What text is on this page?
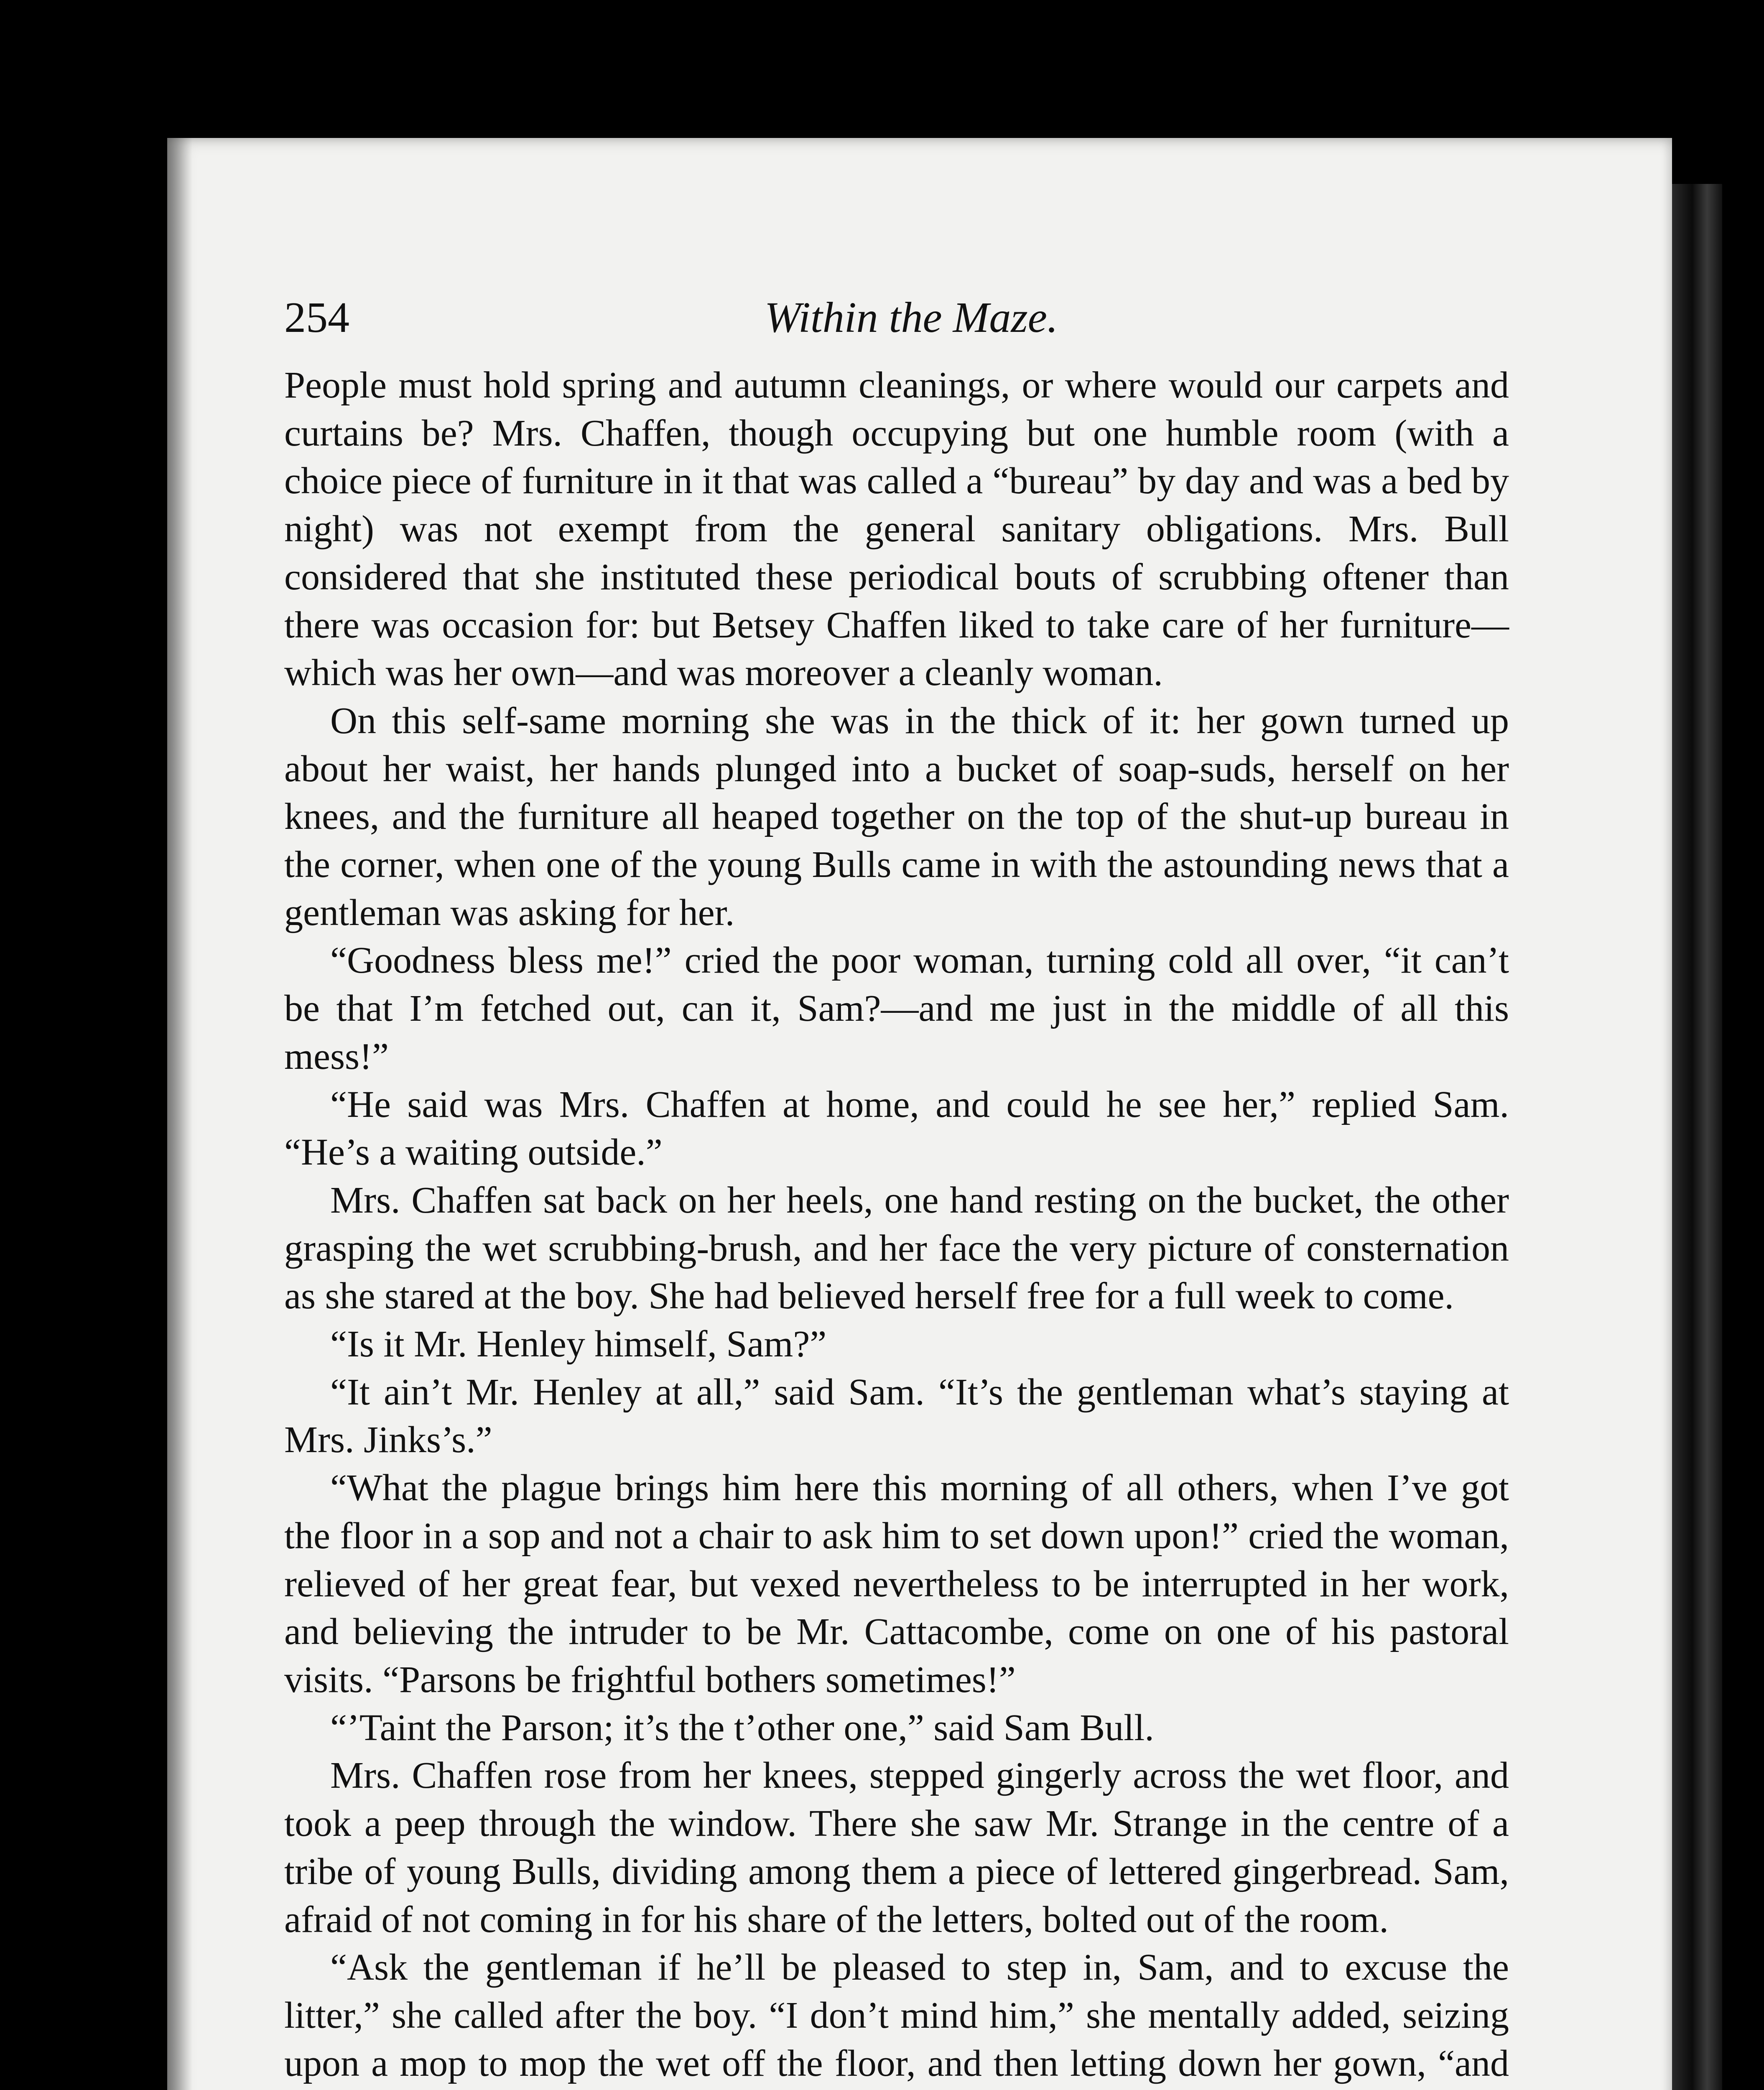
254	Within the Maze.

People must hold spring and autumn cleanings, or where would our carpets and curtains be? Mrs. Chaffen, though occupying but one humble room (with a choice piece of furniture in it that was called a “bureau” by day and was a bed by night) was not exempt from the general sanitary obligations. Mrs. Bull considered that she instituted these periodical bouts of scrubbing oftener than there was occasion for: but Betsey Chaffen liked to take care of her furniture—which was her own—and was moreover a cleanly woman.

On this self-same morning she was in the thick of it: her gown turned up about her waist, her hands plunged into a bucket of soap-suds, herself on her knees, and the furniture all heaped together on the top of the shut-up bureau in the corner, when one of the young Bulls came in with the astounding news that a gentleman was asking for her.

“Goodness bless me!” cried the poor woman, turning cold all over, “it can’t be that I’m fetched out, can it, Sam?—and me just in the middle of all this mess!”

“He said was Mrs. Chaffen at home, and could he see her,” replied Sam. “He’s a waiting outside.”

Mrs. Chaffen sat back on her heels, one hand resting on the bucket, the other grasping the wet scrubbing-brush, and her face the very picture of consternation as she stared at the boy. She had believed herself free for a full week to come.

“Is it Mr. Henley himself, Sam?”

“It ain’t Mr. Henley at all,” said Sam. “It’s the gentleman what’s staying at Mrs. Jinks’s.”

“What the plague brings him here this morning of all others, when I’ve got the floor in a sop and not a chair to ask him to set down upon!” cried the woman, relieved of her great fear, but vexed nevertheless to be interrupted in her work, and believing the intruder to be Mr. Cattacombe, come on one of his pastoral visits. “Parsons be frightful bothers sometimes!”

“’Taint the Parson; it’s the t’other one,” said Sam Bull.

Mrs. Chaffen rose from her knees, stepped gingerly across the wet floor, and took a peep through the window. There she saw Mr. Strange in the centre of a tribe of young Bulls, dividing among them a piece of lettered gingerbread. Sam, afraid of not coming in for his share of the letters, bolted out of the room.

“Ask the gentleman if he’ll be pleased to step in, Sam, and to excuse the litter,” she called after the boy. “I don’t mind him,” she mentally added, seizing upon a mop to mop the wet off the floor, and then letting down her gown, “and
